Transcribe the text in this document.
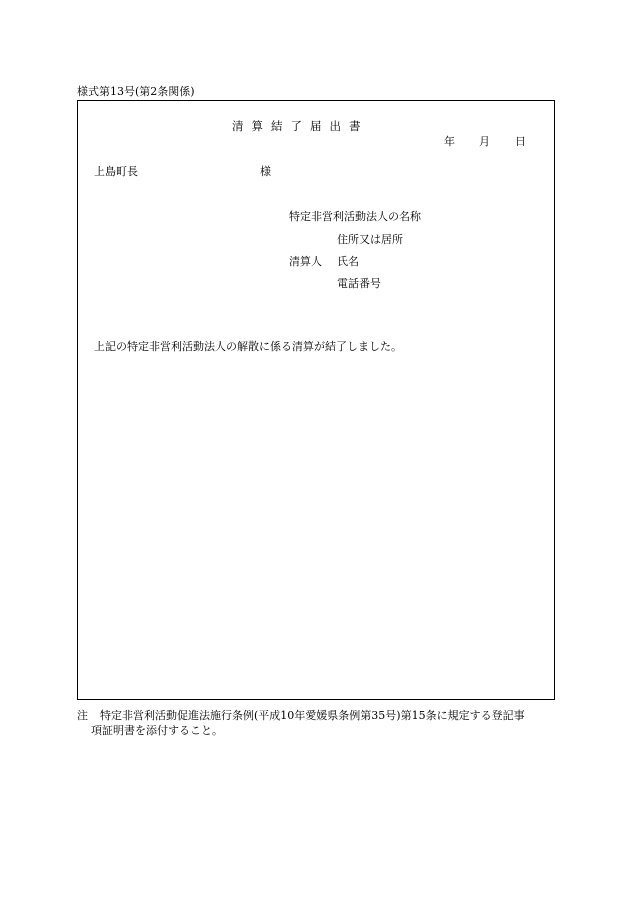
様式第13号(第2条関係)
清算結了届出書
年 月 日
上島町長	様
特定非営利活動法人の名称
住所又は居所
清算人 氏名
電話番号
上記の特定非営利活動法人の解散に係る清算が結了しました。
注 特定非営利活動促進法施行条例(平成10年愛媛県条例第35号)第15条に規定する登記事
項証明書を添付すること。
